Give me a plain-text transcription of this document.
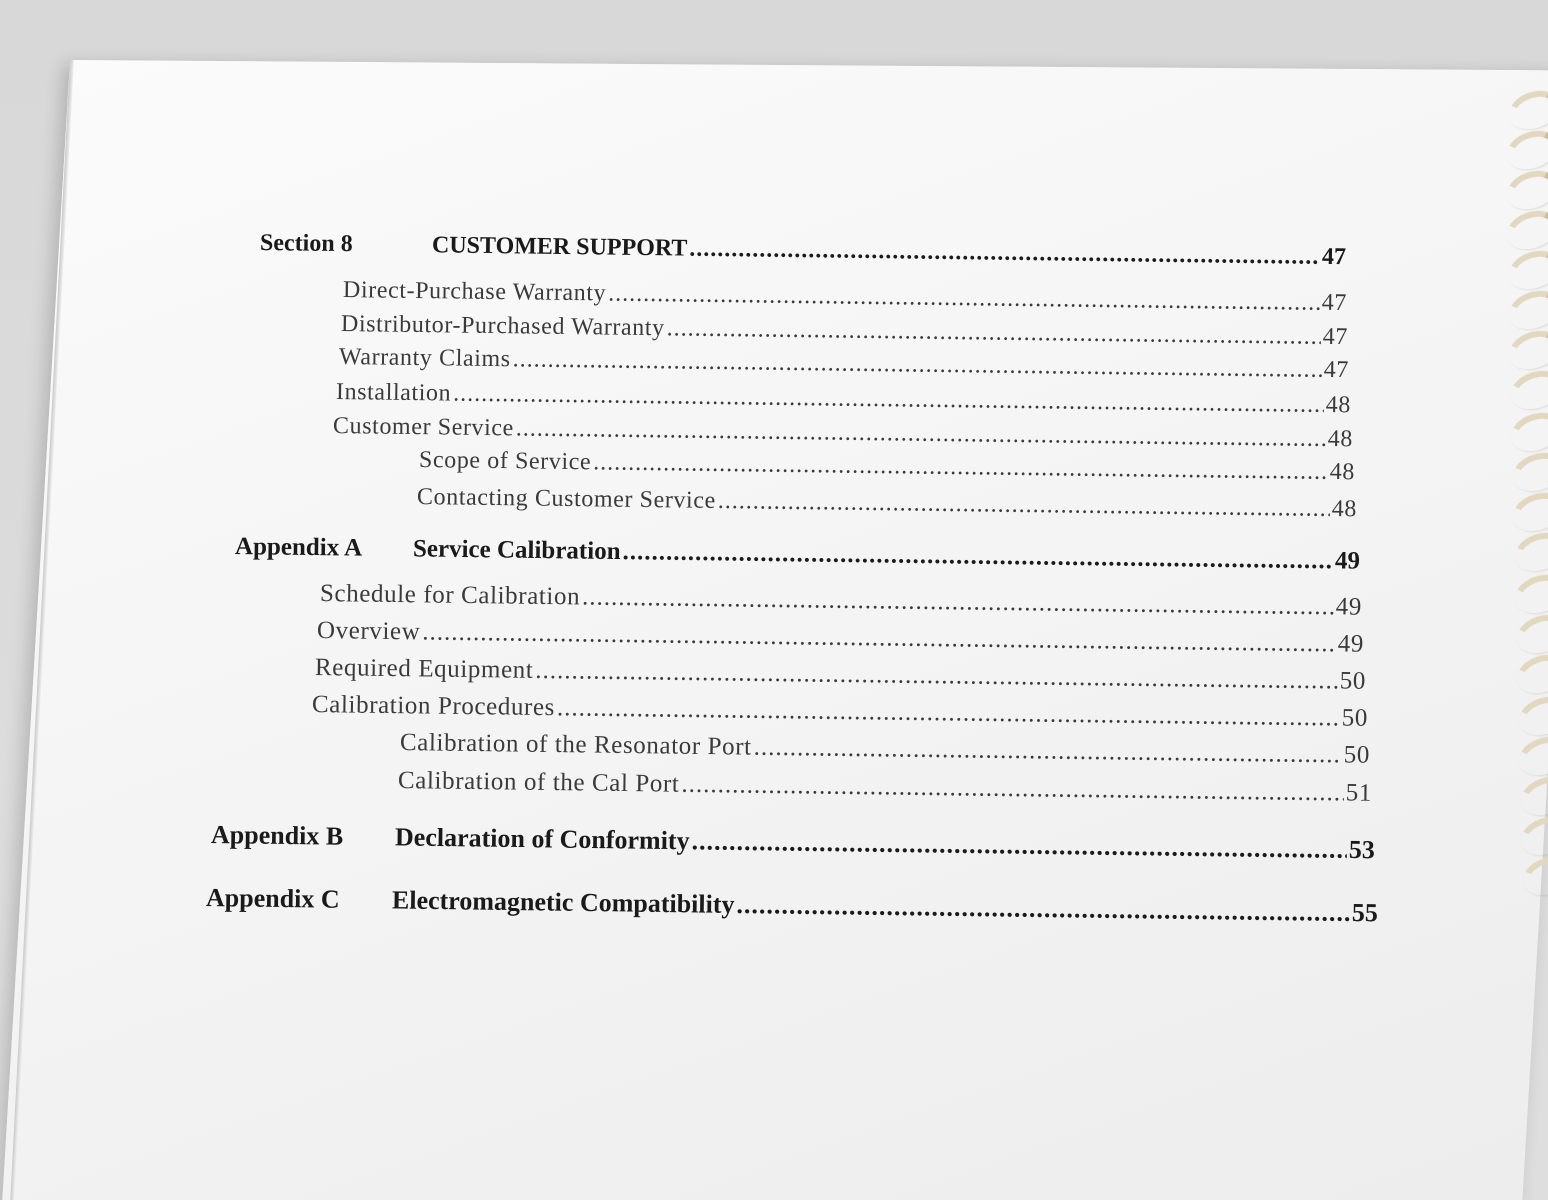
Section 8	CUSTOMER SUPPORT .....	47
Direct-Purchase Warranty .....	47
Distributor-Purchased Warranty .....	47
Warranty Claims .....	47
Installation .....	48
Customer Service .....	48
Scope of Service .....	48
Contacting Customer Service .....	48
Appendix A	Service Calibration .....	49
Schedule for Calibration .....	49
Overview .....	49
Required Equipment .....	50
Calibration Procedures .....	50
Calibration of the Resonator Port .....	50
Calibration of the Cal Port .....	51
Appendix B	Declaration of Conformity .....	53
Appendix C	Electromagnetic Compatibility .....	55
